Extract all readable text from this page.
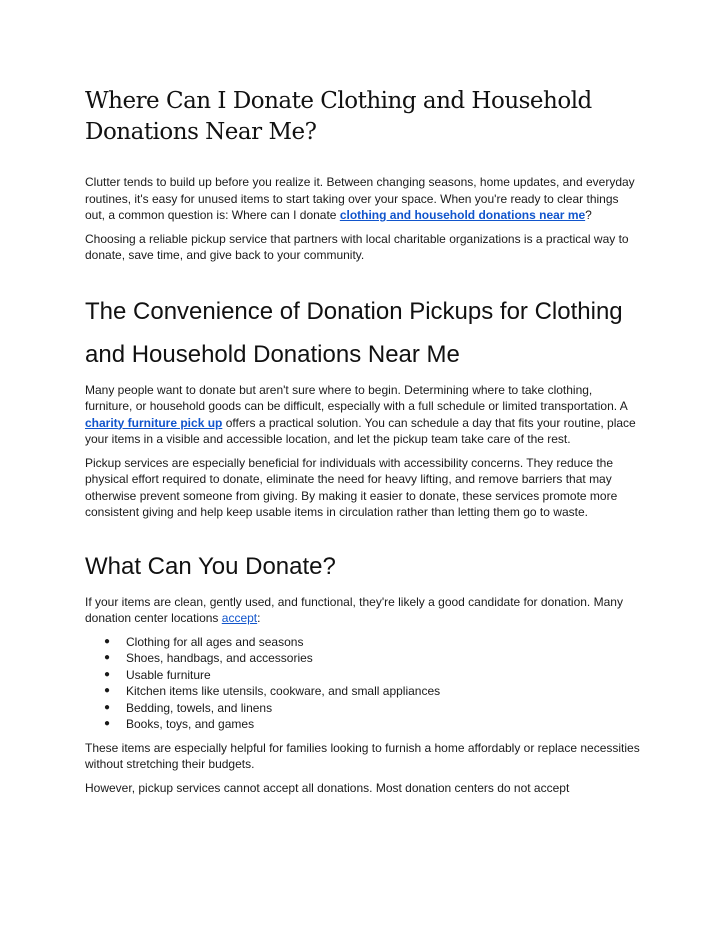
Where Can I Donate Clothing and Household Donations Near Me?

Clutter tends to build up before you realize it. Between changing seasons, home updates, and everyday routines, it's easy for unused items to start taking over your space. When you're ready to clear things out, a common question is: Where can I donate clothing and household donations near me?

Choosing a reliable pickup service that partners with local charitable organizations is a practical way to donate, save time, and give back to your community.

The Convenience of Donation Pickups for Clothing and Household Donations Near Me

Many people want to donate but aren't sure where to begin. Determining where to take clothing, furniture, or household goods can be difficult, especially with a full schedule or limited transportation. A charity furniture pick up offers a practical solution. You can schedule a day that fits your routine, place your items in a visible and accessible location, and let the pickup team take care of the rest.

Pickup services are especially beneficial for individuals with accessibility concerns. They reduce the physical effort required to donate, eliminate the need for heavy lifting, and remove barriers that may otherwise prevent someone from giving. By making it easier to donate, these services promote more consistent giving and help keep usable items in circulation rather than letting them go to waste.

What Can You Donate?

If your items are clean, gently used, and functional, they're likely a good candidate for donation. Many donation center locations accept:

● Clothing for all ages and seasons
● Shoes, handbags, and accessories
● Usable furniture
● Kitchen items like utensils, cookware, and small appliances
● Bedding, towels, and linens
● Books, toys, and games

These items are especially helpful for families looking to furnish a home affordably or replace necessities without stretching their budgets.

However, pickup services cannot accept all donations. Most donation centers do not accept
